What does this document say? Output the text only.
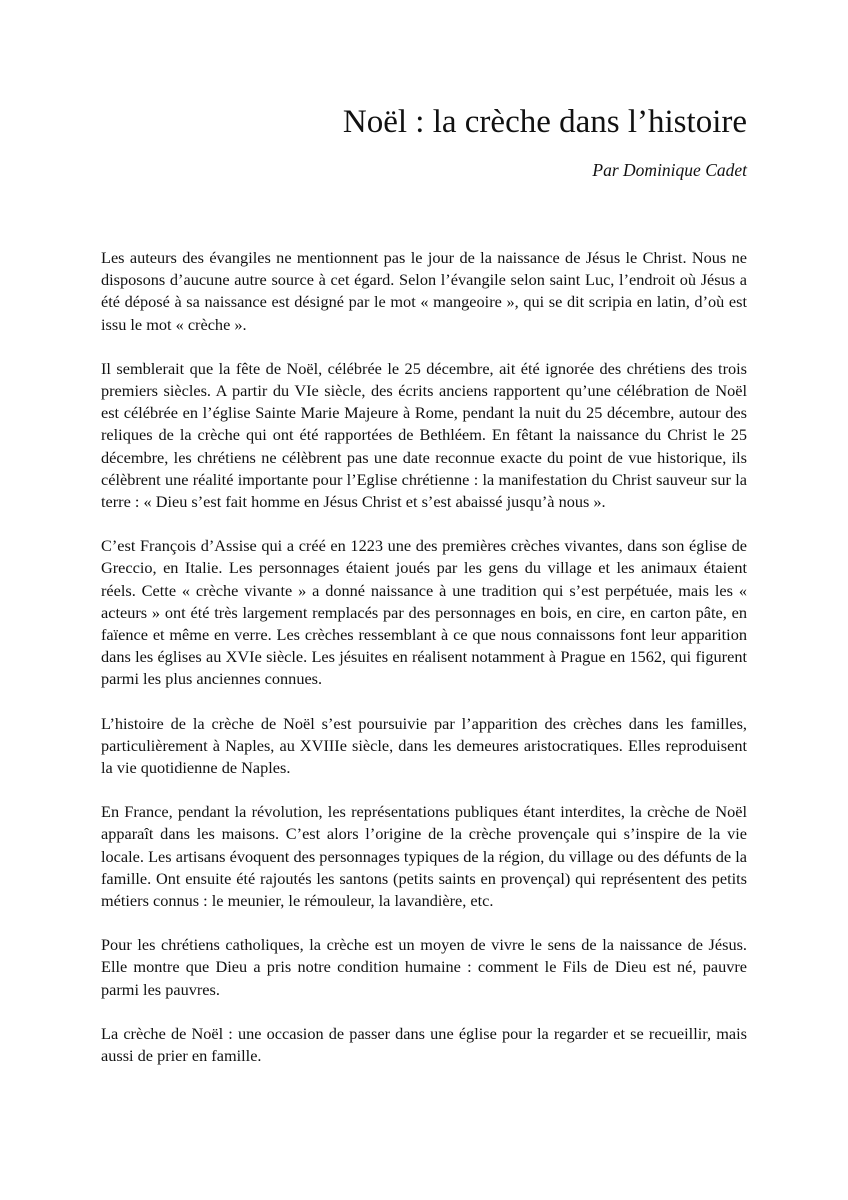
Noël : la crèche dans l’histoire

Par Dominique Cadet

Les auteurs des évangiles ne mentionnent pas le jour de la naissance de Jésus le Christ. Nous ne disposons d’aucune autre source à cet égard. Selon l’évangile selon saint Luc, l’endroit où Jésus a été déposé à sa naissance est désigné par le mot « mangeoire », qui se dit scripia en latin, d’où est issu le mot « crèche ».

Il semblerait que la fête de Noël, célébrée le 25 décembre, ait été ignorée des chrétiens des trois premiers siècles. A partir du VIe siècle, des écrits anciens rapportent qu’une célébration de Noël est célébrée en l’église Sainte Marie Majeure à Rome, pendant la nuit du 25 décembre, autour des reliques de la crèche qui ont été rapportées de Bethléem. En fêtant la naissance du Christ le 25 décembre, les chrétiens ne célèbrent pas une date reconnue exacte du point de vue historique, ils célèbrent une réalité importante pour l’Eglise chrétienne : la manifestation du Christ sauveur sur la terre : « Dieu s’est fait homme en Jésus Christ et s’est abaissé jusqu’à nous ».

C’est François d’Assise qui a créé en 1223 une des premières crèches vivantes, dans son église de Greccio, en Italie. Les personnages étaient joués par les gens du village et les animaux étaient réels. Cette « crèche vivante » a donné naissance à une tradition qui s’est perpétuée, mais les « acteurs » ont été très largement remplacés par des personnages en bois, en cire, en carton pâte, en faïence et même en verre. Les crèches ressemblant à ce que nous connaissons font leur apparition dans les églises au XVIe siècle. Les jésuites en réalisent notamment à Prague en 1562, qui figurent parmi les plus anciennes connues.

L’histoire de la crèche de Noël s’est poursuivie par l’apparition des crèches dans les familles, particulièrement à Naples, au XVIIIe siècle, dans les demeures aristocratiques. Elles reproduisent la vie quotidienne de Naples.

En France, pendant la révolution, les représentations publiques étant interdites, la crèche de Noël apparaît dans les maisons. C’est alors l’origine de la crèche provençale qui s’inspire de la vie locale. Les artisans évoquent des personnages typiques de la région, du village ou des défunts de la famille. Ont ensuite été rajoutés les santons (petits saints en provençal) qui représentent des petits métiers connus : le meunier, le rémouleur, la lavandière, etc.

Pour les chrétiens catholiques, la crèche est un moyen de vivre le sens de la naissance de Jésus. Elle montre que Dieu a pris notre condition humaine : comment le Fils de Dieu est né, pauvre parmi les pauvres.

La crèche de Noël : une occasion de passer dans une église pour la regarder et se recueillir, mais aussi de prier en famille.
